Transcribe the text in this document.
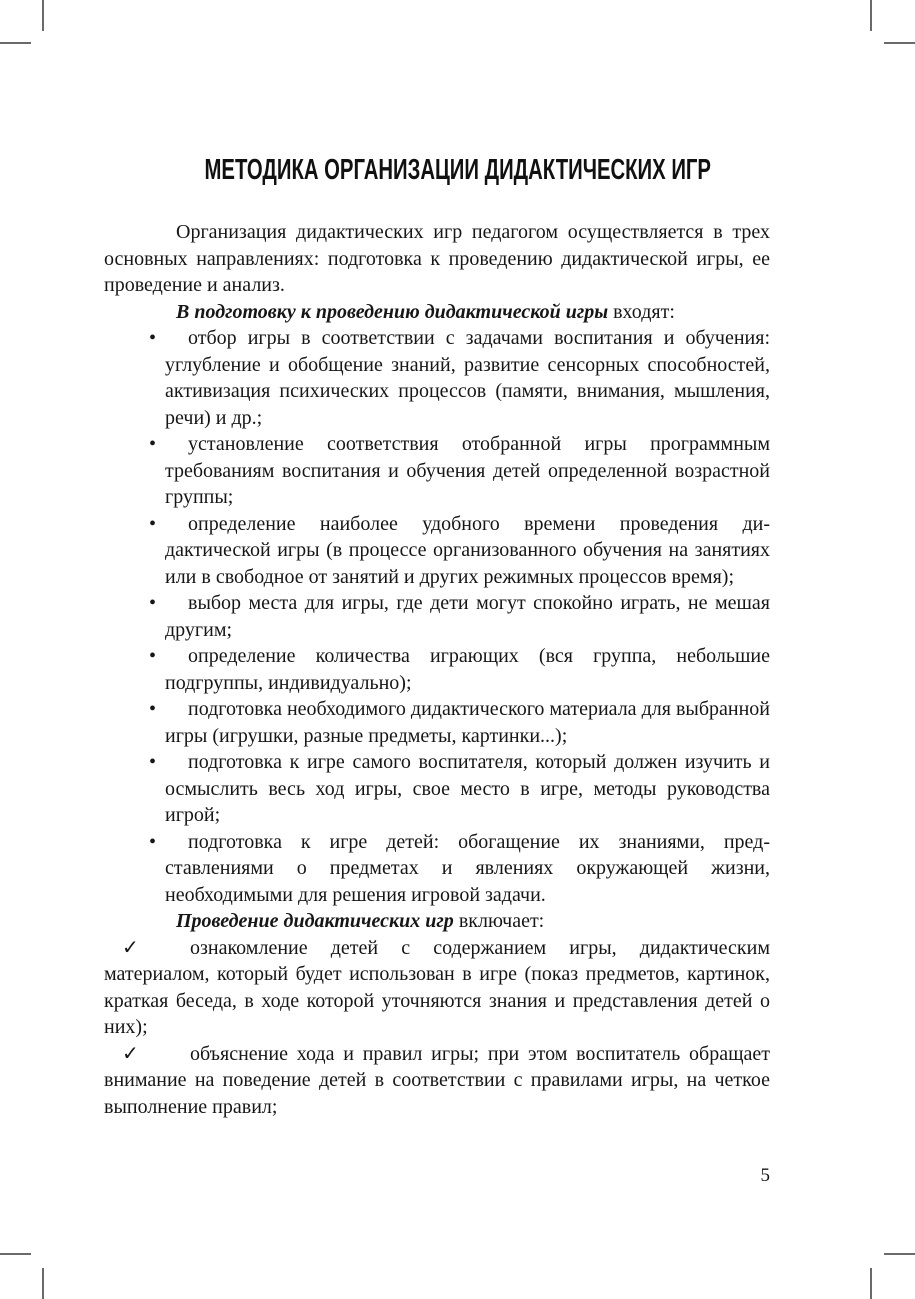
МЕТОДИКА ОРГАНИЗАЦИИ ДИДАКТИЧЕСКИХ ИГР

Организация дидактических игр педагогом осуществляется в трех основных направлениях: подготовка к проведению дидактической игры, ее проведение и анализ.

В подготовку к проведению дидактической игры входят:

• отбор игры в соответствии с задачами воспитания и обучения: углубление и обобщение знаний, развитие сенсорных способностей, активизация психических процессов (памяти, внимания, мышления, речи) и др.;
• установление соответствия отобранной игры программным требованиям воспитания и обучения детей определенной возрастной группы;
• определение наиболее удобного времени проведения дидактической игры (в процессе организованного обучения на занятиях или в свободное от занятий и других режимных процессов время);
• выбор места для игры, где дети могут спокойно играть, не мешая другим;
• определение количества играющих (вся группа, небольшие подгруппы, индивидуально);
• подготовка необходимого дидактического материала для выбранной игры (игрушки, разные предметы, картинки...);
• подготовка к игре самого воспитателя, который должен изучить и осмыслить весь ход игры, свое место в игре, методы руководства игрой;
• подготовка к игре детей: обогащение их знаниями, представлениями о предметах и явлениях окружающей жизни, необходимыми для решения игровой задачи.

Проведение дидактических игр включает:

✓	ознакомление детей с содержанием игры, дидактическим материалом, который будет использован в игре (показ предметов, картинок, краткая беседа, в ходе которой уточняются знания и представления детей о них);
✓	объяснение хода и правил игры; при этом воспитатель обращает внимание на поведение детей в соответствии с правилами игры, на четкое выполнение правил;
5
